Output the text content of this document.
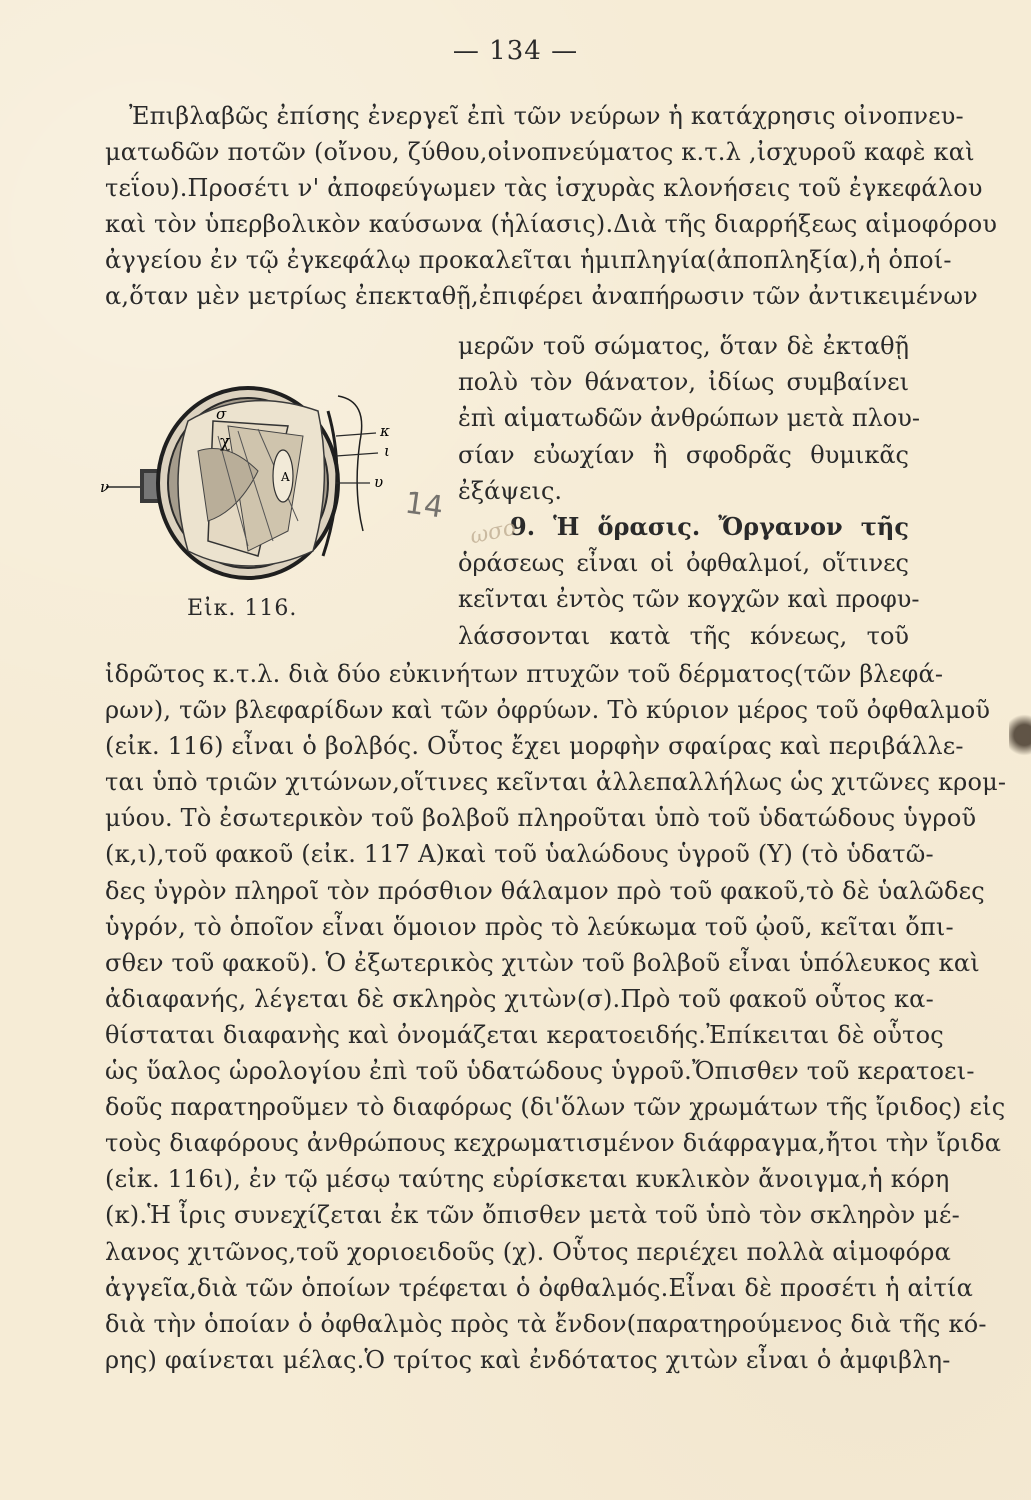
— 134 —
Ἐπιβλαβῶς ἐπίσης ἐνεργεῖ ἐπὶ τῶν νεύρων ἡ κατάχρησις οἰνοπνευ-
ματωδῶν ποτῶν (οἴνου, ζύθου,οἰνοπνεύματος κ.τ.λ ,ἰσχυροῦ καφὲ καὶ
τεΐου).Προσέτι ν' ἀποφεύγωμεν τὰς ἰσχυρὰς κλονήσεις τοῦ ἐγκεφάλου
καὶ τὸν ὑπερβολικὸν καύσωνα (ἡλίασις).Διὰ τῆς διαρρήξεως αἱμοφόρου
ἀγγείου ἐν τῷ ἐγκεφάλῳ προκαλεῖται ἡμιπληγία(ἀποπληξία),ἡ ὁποί-
α,ὅταν μὲν μετρίως ἐπεκταθῇ,ἐπιφέρει ἀναπήρωσιν τῶν ἀντικειμένων
σ
χ
κ
ι
υ
ν
Α
Εἰκ. 116.
μερῶν τοῦ σώματος, ὅταν δὲ ἐκταθῇ
πολὺ τὸν θάνατον, ἰδίως συμβαίνει
ἐπὶ αἱματωδῶν ἀνθρώπων μετὰ πλου-
σίαν εὐωχίαν ἢ σφοδρᾶς θυμικᾶς
ἐξάψεις.
9. Ἡ ὅρασις. Ὄργανον τῆς
ὁράσεως εἶναι οἱ ὀφθαλμοί, οἵτινες
κεῖνται ἐντὸς τῶν κογχῶν καὶ προφυ-
λάσσονται κατὰ τῆς κόνεως, τοῦ
14
ωσο
ἱδρῶτος κ.τ.λ. διὰ δύο εὐκινήτων πτυχῶν τοῦ δέρματος(τῶν βλεφά-
ρων), τῶν βλεφαρίδων καὶ τῶν ὀφρύων. Τὸ κύριον μέρος τοῦ ὀφθαλμοῦ
(εἰκ. 116) εἶναι ὁ βολβός. Οὗτος ἔχει μορφὴν σφαίρας καὶ περιβάλλε-
ται ὑπὸ τριῶν χιτώνων,οἵτινες κεῖνται ἀλλεπαλλήλως ὡς χιτῶνες κρομ-
μύου. Τὸ ἐσωτερικὸν τοῦ βολβοῦ πληροῦται ὑπὸ τοῦ ὑδατώδους ὑγροῦ
(κ,ι),τοῦ φακοῦ (εἰκ. 117 Α)καὶ τοῦ ὑαλώδους ὑγροῦ (Υ) (τὸ ὑδατῶ-
δες ὑγρὸν πληροῖ τὸν πρόσθιον θάλαμον πρὸ τοῦ φακοῦ,τὸ δὲ ὑαλῶδες
ὑγρόν, τὸ ὁποῖον εἶναι ὅμοιον πρὸς τὸ λεύκωμα τοῦ ᾠοῦ, κεῖται ὄπι-
σθεν τοῦ φακοῦ). Ὁ ἐξωτερικὸς χιτὼν τοῦ βολβοῦ εἶναι ὑπόλευκος καὶ
ἀδιαφανής, λέγεται δὲ σκληρὸς χιτὼν(σ).Πρὸ τοῦ φακοῦ οὗτος κα-
θίσταται διαφανὴς καὶ ὀνομάζεται κερατοειδής.Ἐπίκειται δὲ οὗτος
ὡς ὕαλος ὡρολογίου ἐπὶ τοῦ ὑδατώδους ὑγροῦ.Ὄπισθεν τοῦ κερατοει-
δοῦς παρατηροῦμεν τὸ διαφόρως (δι'ὅλων τῶν χρωμάτων τῆς ἴριδος) εἰς
τοὺς διαφόρους ἀνθρώπους κεχρωματισμένον διάφραγμα,ἤτοι τὴν ἴριδα
(εἰκ. 116ι), ἐν τῷ μέσῳ ταύτης εὑρίσκεται κυκλικὸν ἄνοιγμα,ἡ κόρη
(κ).Ἡ ἶρις συνεχίζεται ἐκ τῶν ὄπισθεν μετὰ τοῦ ὑπὸ τὸν σκληρὸν μέ-
λανος χιτῶνος,τοῦ χοριοειδοῦς (χ). Οὗτος περιέχει πολλὰ αἱμοφόρα
ἀγγεῖα,διὰ τῶν ὁποίων τρέφεται ὁ ὀφθαλμός.Εἶναι δὲ προσέτι ἡ αἰτία
διὰ τὴν ὁποίαν ὁ ὀφθαλμὸς πρὸς τὰ ἔνδον(παρατηρούμενος διὰ τῆς κό-
ρης) φαίνεται μέλας.Ὁ τρίτος καὶ ἐνδότατος χιτὼν εἶναι ὁ ἀμφιβλη-
